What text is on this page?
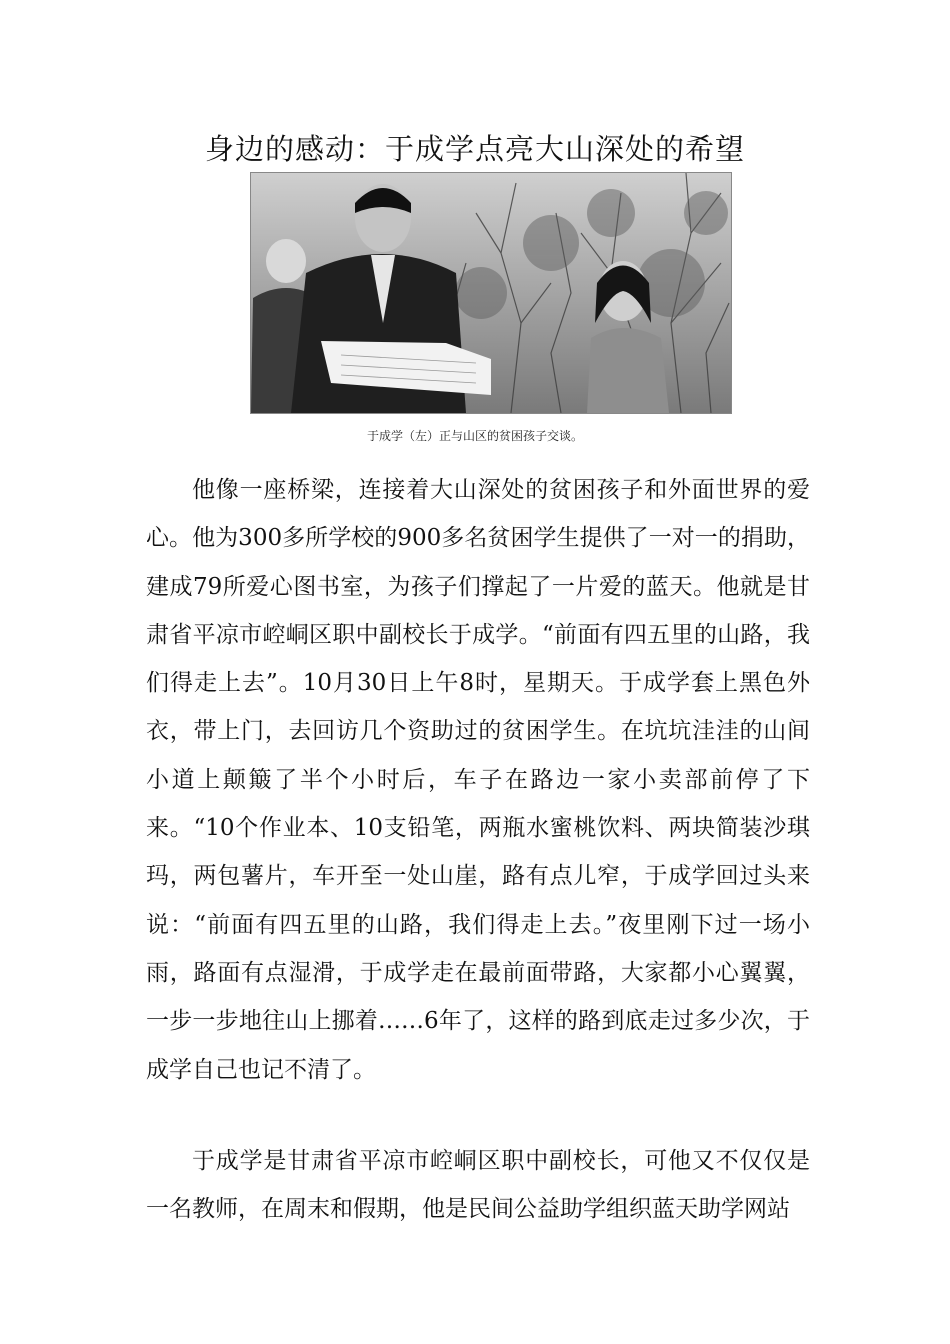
身边的感动：于成学点亮大山深处的希望
于成学（左）正与山区的贫困孩子交谈。

他像一座桥梁，连接着大山深处的贫困孩子和外面世界的爱心。他为300多所学校的900多名贫困学生提供了一对一的捐助，建成79所爱心图书室，为孩子们撑起了一片爱的蓝天。他就是甘肃省平凉市崆峒区职中副校长于成学。“前面有四五里的山路，我们得走上去”。10月30日上午8时，星期天。于成学套上黑色外衣，带上门，去回访几个资助过的贫困学生。在坑坑洼洼的山间小道上颠簸了半个小时后，车子在路边一家小卖部前停了下来。“10个作业本、10支铅笔，两瓶水蜜桃饮料、两块简装沙琪玛，两包薯片，车开至一处山崖，路有点儿窄，于成学回过头来说：“前面有四五里的山路，我们得走上去。”夜里刚下过一场小雨，路面有点湿滑，于成学走在最前面带路，大家都小心翼翼，一步一步地往山上挪着……6年了，这样的路到底走过多少次，于成学自己也记不清了。

于成学是甘肃省平凉市崆峒区职中副校长，可他又不仅仅是一名教师，在周末和假期，他是民间公益助学组织蓝天助学网站
